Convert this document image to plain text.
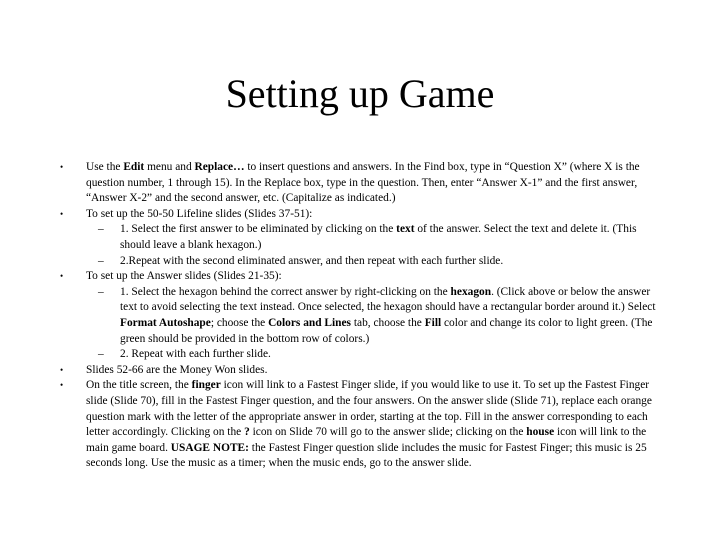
Setting up Game
• Use the Edit menu and Replace… to insert questions and answers. In the Find box, type in “Question X” (where X is the question number, 1 through 15). In the Replace box, type in the question. Then, enter “Answer X-1” and the first answer, “Answer X-2” and the second answer, etc. (Capitalize as indicated.)
• To set up the 50-50 Lifeline slides (Slides 37-51):
– 1. Select the first answer to be eliminated by clicking on the text of the answer. Select the text and delete it. (This should leave a blank hexagon.)
– 2.Repeat with the second eliminated answer, and then repeat with each further slide.
• To set up the Answer slides (Slides 21-35):
– 1. Select the hexagon behind the correct answer by right-clicking on the hexagon. (Click above or below the answer text to avoid selecting the text instead. Once selected, the hexagon should have a rectangular border around it.) Select Format Autoshape; choose the Colors and Lines tab, choose the Fill color and change its color to light green. (The green should be provided in the bottom row of colors.)
– 2. Repeat with each further slide.
• Slides 52-66 are the Money Won slides.
• On the title screen, the finger icon will link to a Fastest Finger slide, if you would like to use it. To set up the Fastest Finger slide (Slide 70), fill in the Fastest Finger question, and the four answers. On the answer slide (Slide 71), replace each orange question mark with the letter of the appropriate answer in order, starting at the top. Fill in the answer corresponding to each letter accordingly. Clicking on the ? icon on Slide 70 will go to the answer slide; clicking on the house icon will link to the main game board. USAGE NOTE: the Fastest Finger question slide includes the music for Fastest Finger; this music is 25 seconds long. Use the music as a timer; when the music ends, go to the answer slide.
